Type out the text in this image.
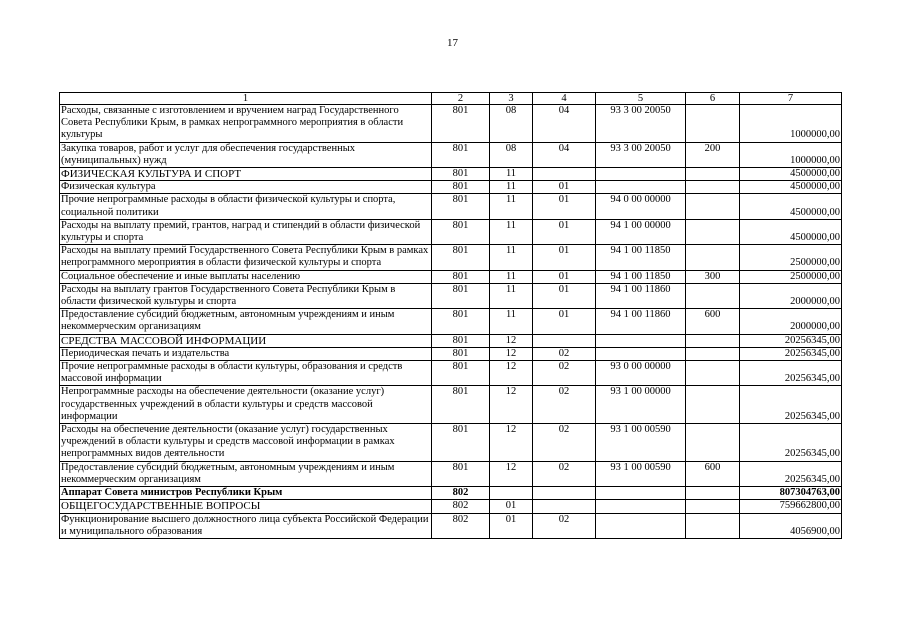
17
1	2	3	4	5	6	7
Расходы, связанные с изготовлением и вручением наград Государственного Совета Республики Крым, в рамках непрограммного мероприятия в области культуры	801	08	04	93 3 00 20050		1000000,00
Закупка товаров, работ и услуг для обеспечения государственных (муниципальных) нужд	801	08	04	93 3 00 20050	200	1000000,00
ФИЗИЧЕСКАЯ КУЛЬТУРА И СПОРТ	801	11				4500000,00
Физическая культура	801	11	01			4500000,00
Прочие непрограммные расходы в области физической культуры и спорта, социальной политики	801	11	01	94 0 00 00000		4500000,00
Расходы на выплату премий, грантов, наград и стипендий в области физической культуры и спорта	801	11	01	94 1 00 00000		4500000,00
Расходы на выплату премий Государственного Совета Республики Крым в рамках непрограммного мероприятия в области физической культуры и спорта	801	11	01	94 1 00 11850		2500000,00
Социальное обеспечение и иные выплаты населению	801	11	01	94 1 00 11850	300	2500000,00
Расходы на выплату грантов Государственного Совета Республики Крым в области физической культуры и спорта	801	11	01	94 1 00 11860		2000000,00
Предоставление субсидий бюджетным, автономным учреждениям и иным некоммерческим организациям	801	11	01	94 1 00 11860	600	2000000,00
СРЕДСТВА МАССОВОЙ ИНФОРМАЦИИ	801	12				20256345,00
Периодическая печать и издательства	801	12	02			20256345,00
Прочие непрограммные расходы в области культуры, образования и средств массовой информации	801	12	02	93 0 00 00000		20256345,00
Непрограммные расходы на обеспечение деятельности (оказание услуг) государственных учреждений в области культуры и средств массовой информации	801	12	02	93 1 00 00000		20256345,00
Расходы на обеспечение деятельности (оказание услуг) государственных учреждений в области культуры и средств массовой информации в рамках непрограммных видов деятельности	801	12	02	93 1 00 00590		20256345,00
Предоставление субсидий бюджетным, автономным учреждениям и иным некоммерческим организациям	801	12	02	93 1 00 00590	600	20256345,00
Аппарат Совета министров Республики Крым	802					807304763,00
ОБЩЕГОСУДАРСТВЕННЫЕ ВОПРОСЫ	802	01				759662800,00
Функционирование высшего должностного лица субъекта Российской Федерации и муниципального образования	802	01	02			4056900,00
